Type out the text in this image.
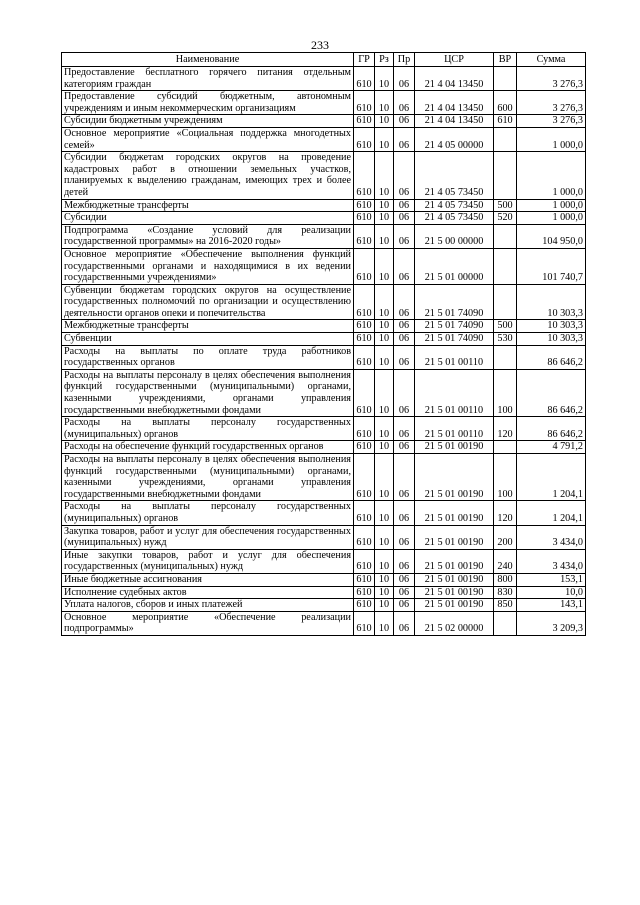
233
Наименование	ГР	Рз	Пр	ЦСР	ВР	Сумма
Предоставление бесплатного горячего питания отдельным категориям граждан	610	10	06	21 4 04 13450		3 276,3
Предоставление субсидий бюджетным, автономным учреждениям и иным некоммерческим организациям	610	10	06	21 4 04 13450	600	3 276,3
Субсидии бюджетным учреждениям	610	10	06	21 4 04 13450	610	3 276,3
Основное мероприятие «Социальная поддержка многодетных семей»	610	10	06	21 4 05 00000		1 000,0
Субсидии бюджетам городских округов на проведение кадастровых работ в отношении земельных участков, планируемых к выделению гражданам, имеющих трех и более детей	610	10	06	21 4 05 73450		1 000,0
Межбюджетные трансферты	610	10	06	21 4 05 73450	500	1 000,0
Субсидии	610	10	06	21 4 05 73450	520	1 000,0
Подпрограмма «Создание условий для реализации государственной программы» на 2016-2020 годы»	610	10	06	21 5 00 00000		104 950,0
Основное мероприятие «Обеспечение выполнения функций государственными органами и находящимися в их ведении государственными учреждениями»	610	10	06	21 5 01 00000		101 740,7
Субвенции бюджетам городских округов на осуществление государственных полномочий по организации и осуществлению деятельности органов опеки и попечительства	610	10	06	21 5 01 74090		10 303,3
Межбюджетные трансферты	610	10	06	21 5 01 74090	500	10 303,3
Субвенции	610	10	06	21 5 01 74090	530	10 303,3
Расходы на выплаты по оплате труда работников государственных органов	610	10	06	21 5 01 00110		86 646,2
Расходы на выплаты персоналу в целях обеспечения выполнения функций государственными (муниципальными) органами, казенными учреждениями, органами управления государственными внебюджетными фондами	610	10	06	21 5 01 00110	100	86 646,2
Расходы на выплаты персоналу государственных (муниципальных) органов	610	10	06	21 5 01 00110	120	86 646,2
Расходы на обеспечение функций государственных органов	610	10	06	21 5 01 00190		4 791,2
Расходы на выплаты персоналу в целях обеспечения выполнения функций государственными (муниципальными) органами, казенными учреждениями, органами управления государственными внебюджетными фондами	610	10	06	21 5 01 00190	100	1 204,1
Расходы на выплаты персоналу государственных (муниципальных) органов	610	10	06	21 5 01 00190	120	1 204,1
Закупка товаров, работ и услуг для обеспечения государственных (муниципальных) нужд	610	10	06	21 5 01 00190	200	3 434,0
Иные закупки товаров, работ и услуг для обеспечения государственных (муниципальных) нужд	610	10	06	21 5 01 00190	240	3 434,0
Иные бюджетные ассигнования	610	10	06	21 5 01 00190	800	153,1
Исполнение судебных актов	610	10	06	21 5 01 00190	830	10,0
Уплата налогов, сборов и иных платежей	610	10	06	21 5 01 00190	850	143,1
Основное мероприятие «Обеспечение реализации подпрограммы»	610	10	06	21 5 02 00000		3 209,3
